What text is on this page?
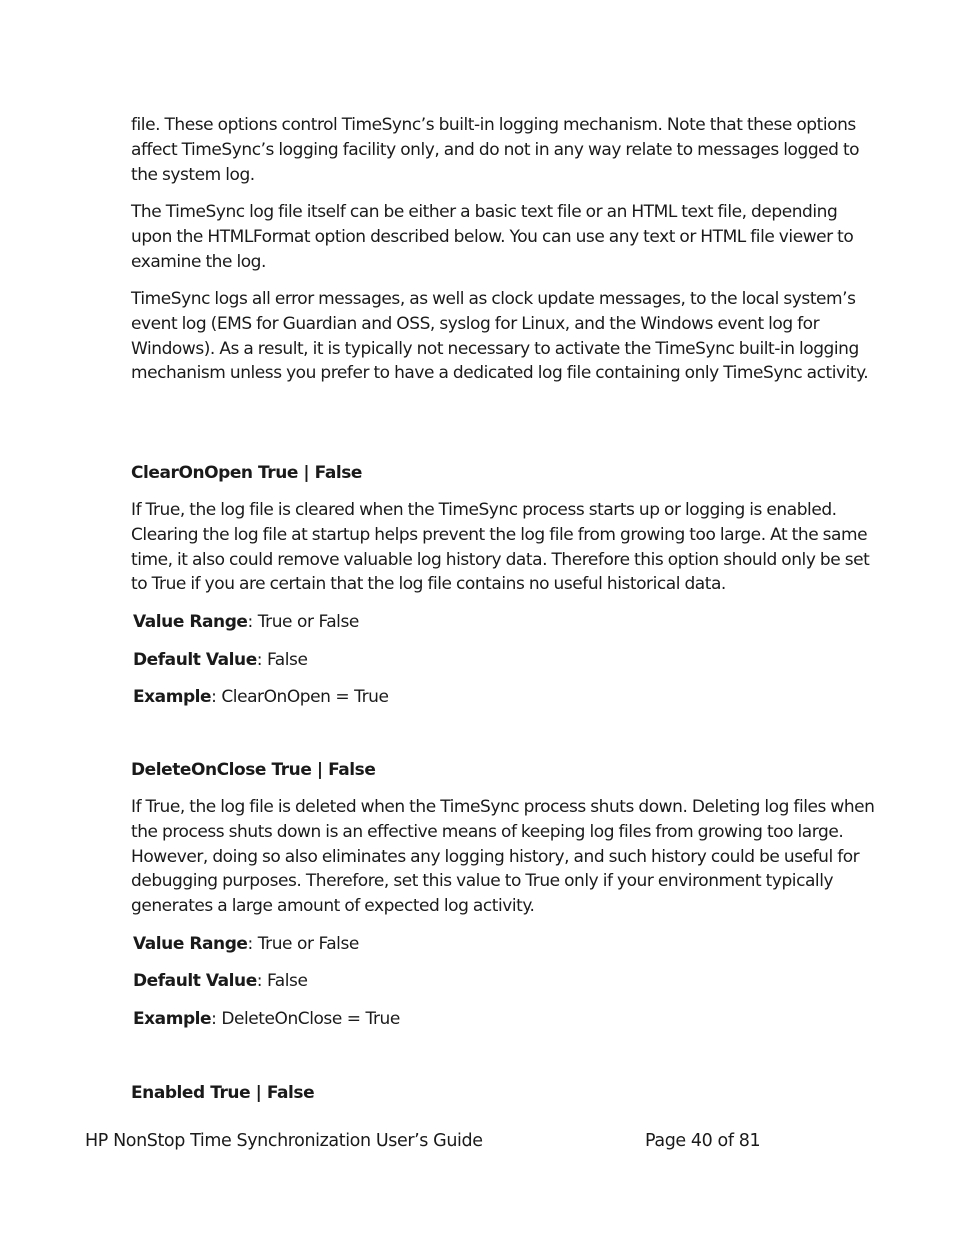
file. These options control TimeSync’s built-in logging mechanism. Note that these options affect TimeSync’s logging facility only, and do not in any way relate to messages logged to the system log.

The TimeSync log file itself can be either a basic text file or an HTML text file, depending upon the HTMLFormat option described below. You can use any text or HTML file viewer to examine the log.

TimeSync logs all error messages, as well as clock update messages, to the local system’s event log (EMS for Guardian and OSS, syslog for Linux, and the Windows event log for Windows). As a result, it is typically not necessary to activate the TimeSync built-in logging mechanism unless you prefer to have a dedicated log file containing only TimeSync activity.

ClearOnOpen True | False

If True, the log file is cleared when the TimeSync process starts up or logging is enabled. Clearing the log file at startup helps prevent the log file from growing too large. At the same time, it also could remove valuable log history data. Therefore this option should only be set to True if you are certain that the log file contains no useful historical data.

Value Range: True or False

Default Value: False

Example: ClearOnOpen = True

DeleteOnClose True | False

If True, the log file is deleted when the TimeSync process shuts down. Deleting log files when the process shuts down is an effective means of keeping log files from growing too large. However, doing so also eliminates any logging history, and such history could be useful for debugging purposes. Therefore, set this value to True only if your environment typically generates a large amount of expected log activity.

Value Range: True or False

Default Value: False

Example: DeleteOnClose = True

Enabled True | False

HP NonStop Time Synchronization User’s Guide	Page 40 of 81
